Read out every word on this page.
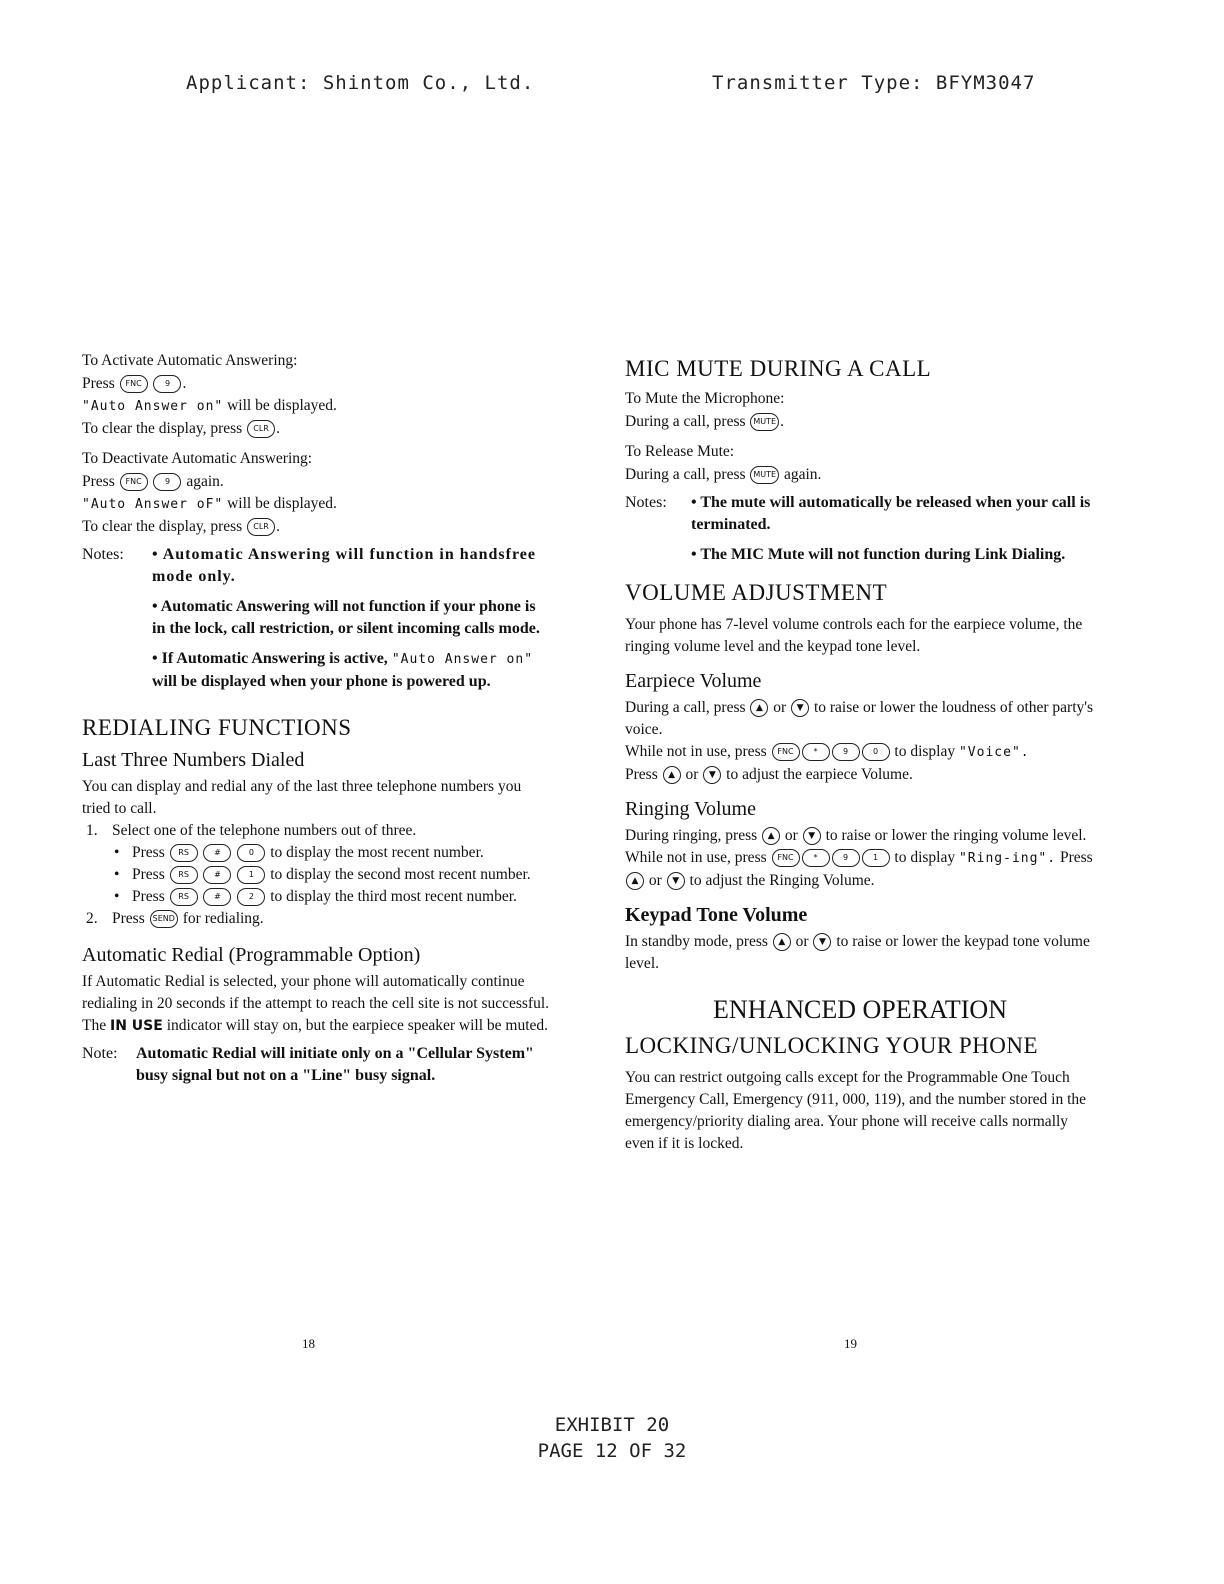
Applicant: Shintom Co., Ltd.	Transmitter Type: BFYM3047
To Activate Automatic Answering:
Press FNC	9 .
"Auto Answer on" will be displayed.
To clear the display, press CLR .
To Deactivate Automatic Answering:
Press FNC	9 again.
"Auto Answer oF" will be displayed.
To clear the display, press CLR .
Notes:	• Automatic Answering will function in handsfree mode only.
• Automatic Answering will not function if your phone is in the lock, call restriction, or silent incoming calls mode.
• If Automatic Answering is active, "Auto Answer on" will be displayed when your phone is powered up.
REDIALING FUNCTIONS
Last Three Numbers Dialed

You can display and redial any of the last three telephone numbers you tried to call.

1. Select one of the telephone numbers out of three.
• Press RS	#	0 to display the most recent number.
• Press RS	#	1 to display the second most recent number.
• Press RS	#	2 to display the third most recent number.
2. Press SEND for redialing.
Automatic Redial (Programmable Option)

If Automatic Redial is selected, your phone will automatically continue redialing in 20 seconds if the attempt to reach the cell site is not successful. The IN USE indicator will stay on, but the earpiece speaker will be muted.

Note:	Automatic Redial will initiate only on a "Cellular System" busy signal but not on a "Line" busy signal.
MIC MUTE DURING A CALL
To Mute the Microphone:
During a call, press MUTE .
To Release Mute:
During a call, press MUTE again.
Notes:	• The mute will automatically be released when your call is terminated.
• The MIC Mute will not function during Link Dialing.
VOLUME ADJUSTMENT

Your phone has 7-level volume controls each for the earpiece volume, the ringing volume level and the keypad tone level.

Earpiece Volume

During a call, press ▲ or ▼ to raise or lower the loudness of other party's voice.
While not in use, press FNC *	9	0 to display "Voice".
Press ▲ or ▼ to adjust the earpiece Volume.

Ringing Volume

During ringing, press ▲ or ▼ to raise or lower the ringing volume level.
While not in use, press FNC *	9	1 to display "Ring-ing". Press ▲ or ▼ to adjust the Ringing Volume.

Keypad Tone Volume

In standby mode, press ▲ or ▼ to raise or lower the keypad tone volume level.

ENHANCED OPERATION
LOCKING/UNLOCKING YOUR PHONE

You can restrict outgoing calls except for the Programmable One Touch Emergency Call, Emergency (911, 000, 119), and the number stored in the emergency/priority dialing area. Your phone will receive calls normally even if it is locked.

18	19
EXHIBIT 20
PAGE 12 OF 32
